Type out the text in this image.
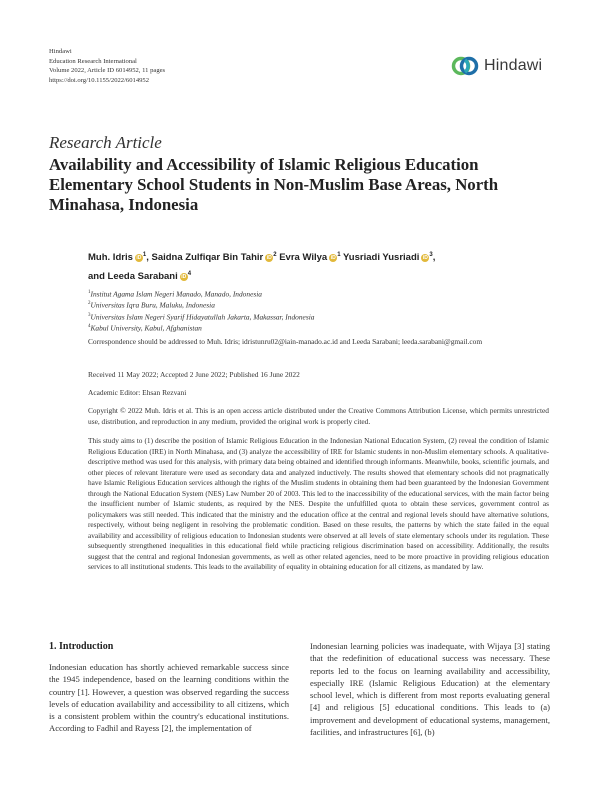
Hindawi
Education Research International
Volume 2022, Article ID 6014952, 11 pages
https://doi.org/10.1155/2022/6014952
Hindawi
Research Article
Availability and Accessibility of Islamic Religious Education Elementary School Students in Non-Muslim Base Areas, North Minahasa, Indonesia
Muh. Idris $iD^1$, Saidna Zulfiqar Bin Tahir $iD^2$ Evra Wilya $iD^1$ Yusriadi Yusriadi $iD^3$,
and Leeda Sarabani $iD^4$
$^1$Institut Agama Islam Negeri Manado, Manado, Indonesia
$^2$Universitas Iqra Buru, Maluku, Indonesia
$^3$Universitas Islam Negeri Syarif Hidayatullah Jakarta, Makassar, Indonesia
$^4$Kabul University, Kabul, Afghanistan
Correspondence should be addressed to Muh. Idris; idristunru02@iain-manado.ac.id and Leeda Sarabani; leeda.sarabani@gmail.com
Received 11 May 2022; Accepted 2 June 2022; Published 16 June 2022
Academic Editor: Ehsan Rezvani
Copyright © 2022 Muh. Idris et al. This is an open access article distributed under the Creative Commons Attribution License, which permits unrestricted use, distribution, and reproduction in any medium, provided the original work is properly cited.
This study aims to (1) describe the position of Islamic Religious Education in the Indonesian National Education System, (2) reveal the condition of Islamic Religious Education (IRE) in North Minahasa, and (3) analyze the accessibility of IRE for Islamic students in non-Muslim elementary schools. A qualitative-descriptive method was used for this analysis, with primary data being obtained and identified through informants. Meanwhile, books, scientific journals, and other pieces of relevant literature were used as secondary data and analyzed inductively. The results showed that elementary schools did not pragmatically have Islamic Religious Education services although the rights of the Muslim students in obtaining them had been guaranteed by the Indonesian Government through the National Education System (NES) Law Number 20 of 2003. This led to the inaccessibility of the educational services, with the main factor being the insufficient number of Islamic students, as required by the NES. Despite the unfulfilled quota to obtain these services, government control as policymakers was still needed. This indicated that the ministry and the education office at the central and regional levels should have alternative solutions, respectively, without being negligent in resolving the problematic condition. Based on these results, the patterns by which the state failed in the equal availability and accessibility of religious education to Indonesian students were observed at all levels of state elementary schools under its regulation. These subsequently strengthened inequalities in this educational field while practicing religious discrimination based on accessibility. Additionally, the results suggest that the central and regional Indonesian governments, as well as other related agencies, need to be more proactive in providing religious education services to all institutional students. This leads to the availability of equality in obtaining education for all citizens, as mandated by law.
1. Introduction
Indonesian education has shortly achieved remarkable success since the 1945 independence, based on the learning conditions within the country [1]. However, a question was observed regarding the success levels of education availability and accessibility to all citizens, which is a consistent problem within the country's educational institutions. According to Fadhil and Rayess [2], the implementation of
Indonesian learning policies was inadequate, with Wijaya [3] stating that the redefinition of educational success was necessary. These reports led to the focus on learning availability and accessibility, especially IRE (Islamic Religious Education) at the elementary school level, which is different from most reports evaluating general [4] and religious [5] educational conditions. This leads to (a) improvement and development of educational systems, management, facilities, and infrastructures [6], (b)
